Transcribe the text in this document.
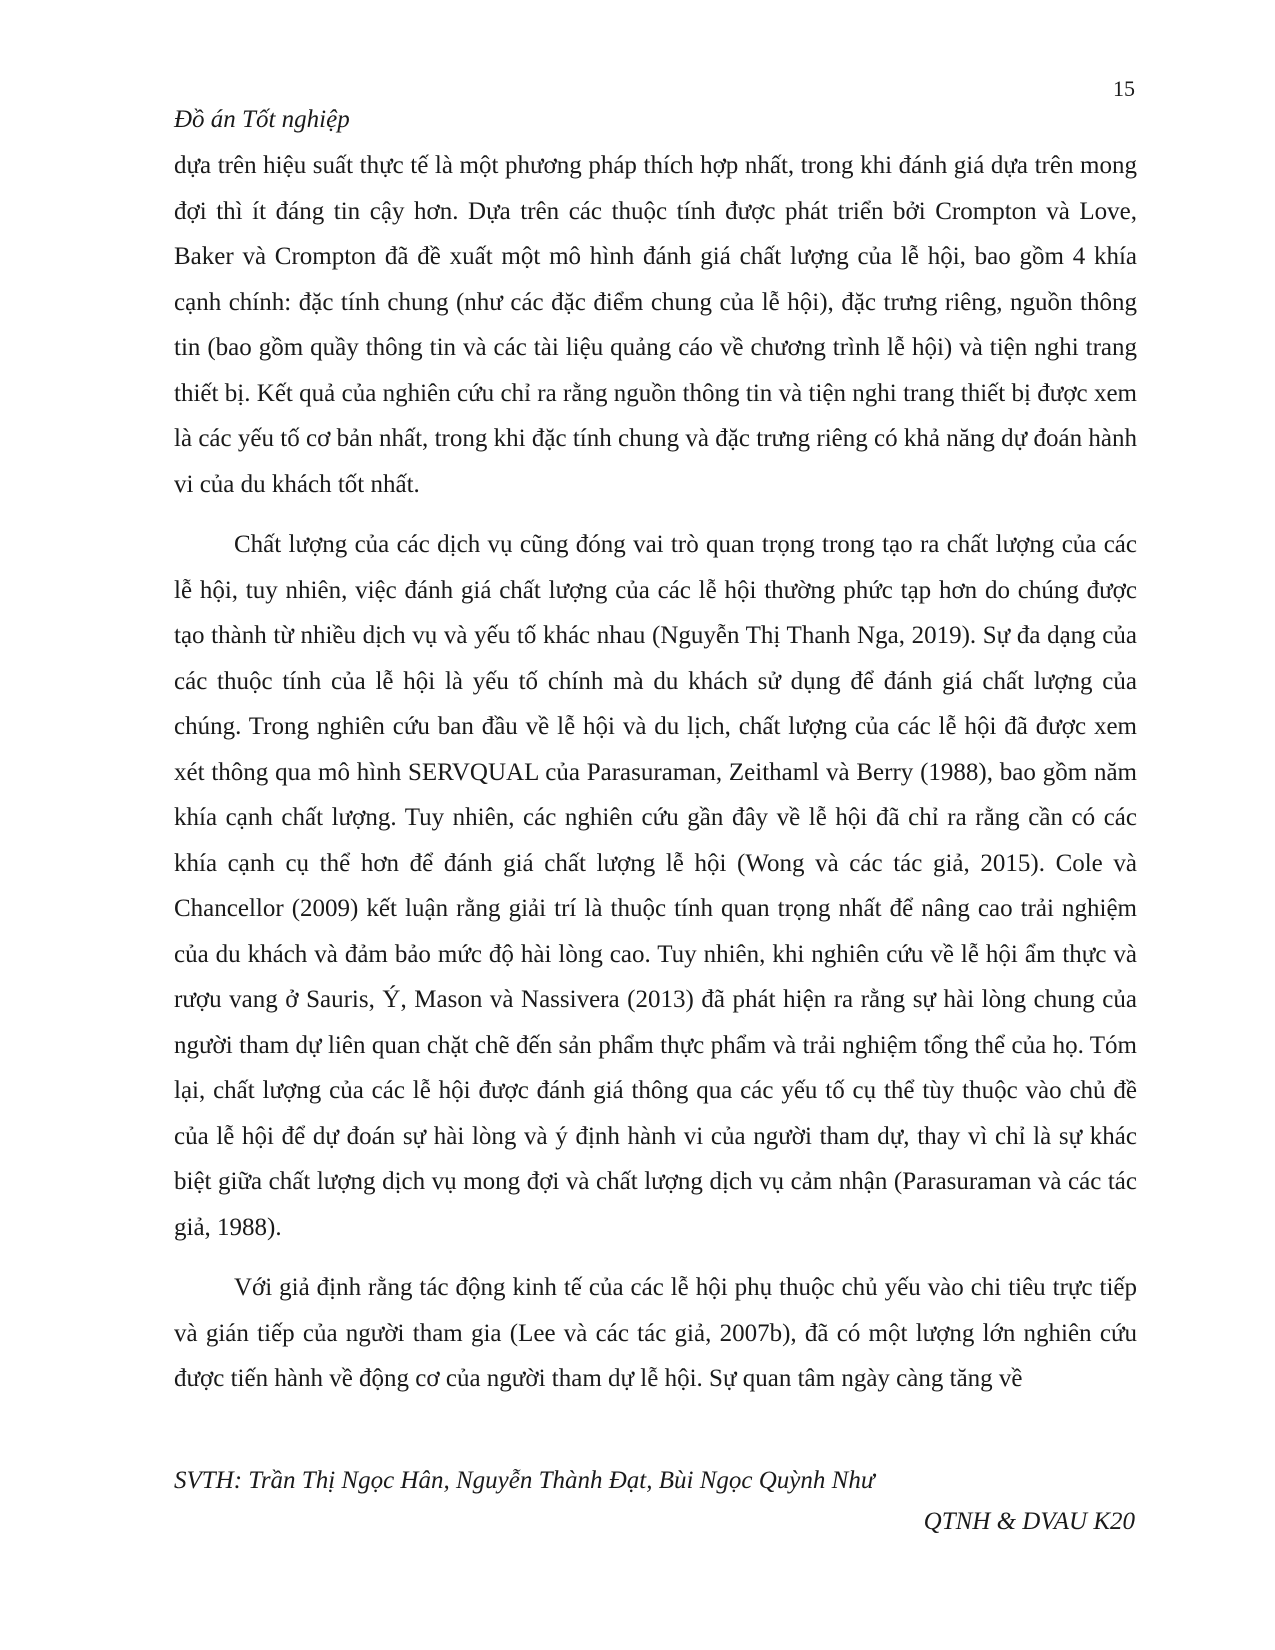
15
Đồ án Tốt nghiệp

dựa trên hiệu suất thực tế là một phương pháp thích hợp nhất, trong khi đánh giá dựa trên mong đợi thì ít đáng tin cậy hơn. Dựa trên các thuộc tính được phát triển bởi Crompton và Love, Baker và Crompton đã đề xuất một mô hình đánh giá chất lượng của lễ hội, bao gồm 4 khía cạnh chính: đặc tính chung (như các đặc điểm chung của lễ hội), đặc trưng riêng, nguồn thông tin (bao gồm quầy thông tin và các tài liệu quảng cáo về chương trình lễ hội) và tiện nghi trang thiết bị. Kết quả của nghiên cứu chỉ ra rằng nguồn thông tin và tiện nghi trang thiết bị được xem là các yếu tố cơ bản nhất, trong khi đặc tính chung và đặc trưng riêng có khả năng dự đoán hành vi của du khách tốt nhất.

Chất lượng của các dịch vụ cũng đóng vai trò quan trọng trong tạo ra chất lượng của các lễ hội, tuy nhiên, việc đánh giá chất lượng của các lễ hội thường phức tạp hơn do chúng được tạo thành từ nhiều dịch vụ và yếu tố khác nhau (Nguyễn Thị Thanh Nga, 2019). Sự đa dạng của các thuộc tính của lễ hội là yếu tố chính mà du khách sử dụng để đánh giá chất lượng của chúng. Trong nghiên cứu ban đầu về lễ hội và du lịch, chất lượng của các lễ hội đã được xem xét thông qua mô hình SERVQUAL của Parasuraman, Zeithaml và Berry (1988), bao gồm năm khía cạnh chất lượng. Tuy nhiên, các nghiên cứu gần đây về lễ hội đã chỉ ra rằng cần có các khía cạnh cụ thể hơn để đánh giá chất lượng lễ hội (Wong và các tác giả, 2015). Cole và Chancellor (2009) kết luận rằng giải trí là thuộc tính quan trọng nhất để nâng cao trải nghiệm của du khách và đảm bảo mức độ hài lòng cao. Tuy nhiên, khi nghiên cứu về lễ hội ẩm thực và rượu vang ở Sauris, Ý, Mason và Nassivera (2013) đã phát hiện ra rằng sự hài lòng chung của người tham dự liên quan chặt chẽ đến sản phẩm thực phẩm và trải nghiệm tổng thể của họ. Tóm lại, chất lượng của các lễ hội được đánh giá thông qua các yếu tố cụ thể tùy thuộc vào chủ đề của lễ hội để dự đoán sự hài lòng và ý định hành vi của người tham dự, thay vì chỉ là sự khác biệt giữa chất lượng dịch vụ mong đợi và chất lượng dịch vụ cảm nhận (Parasuraman và các tác giả, 1988).

Với giả định rằng tác động kinh tế của các lễ hội phụ thuộc chủ yếu vào chi tiêu trực tiếp và gián tiếp của người tham gia (Lee và các tác giả, 2007b), đã có một lượng lớn nghiên cứu được tiến hành về động cơ của người tham dự lễ hội. Sự quan tâm ngày càng tăng về

SVTH: Trần Thị Ngọc Hân, Nguyễn Thành Đạt, Bùi Ngọc Quỳnh Như
QTNH & DVAU K20
